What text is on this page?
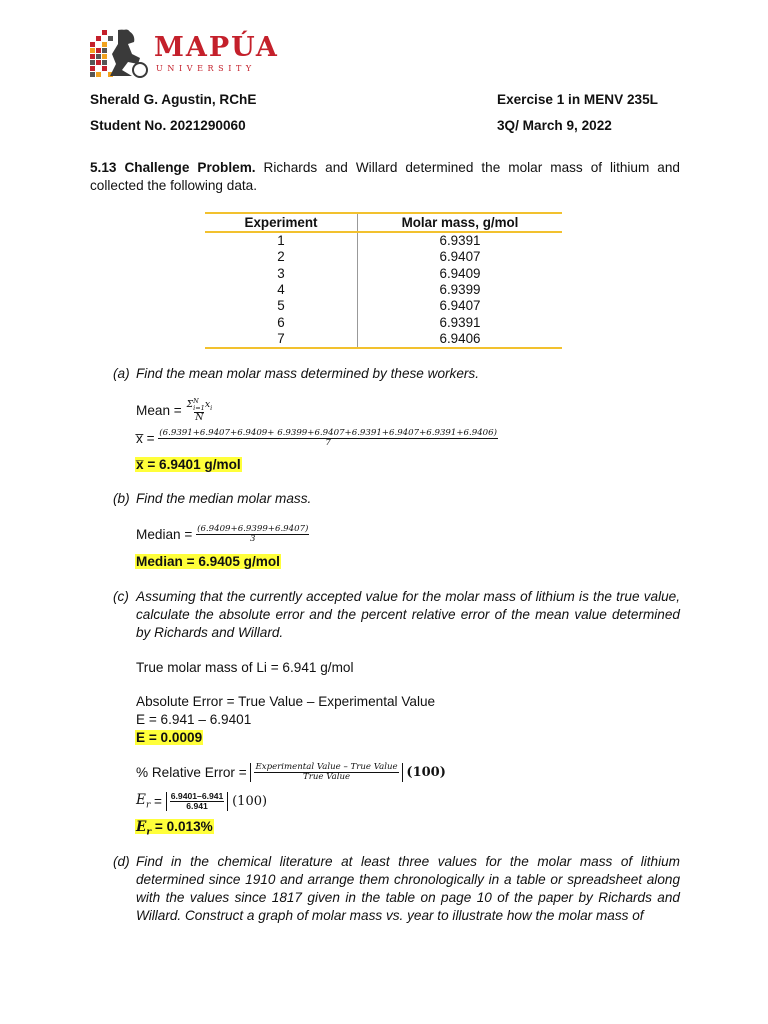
MAPÚA
UNIVERSITY
Sherald G. Agustin, RChE
Student No. 2021290060
Exercise 1 in MENV 235L
3Q/ March 9, 2022
5.13 Challenge Problem. Richards and Willard determined the molar mass of lithium and collected the following data.
Experiment	Molar mass, g/mol
1	6.9391
2	6.9407
3	6.9409
4	6.9399
5	6.9407
6	6.9391
7	6.9406
(a) Find the mean molar mass determined by these workers.
Mean = Σ N
i=1 $x_i$
N
x̅ = (6.9391+6.9407+6.9409+ 6.9399+6.9407+6.9391+6.9407+6.9391+6.9406)
7
x̅ = 6.9401 g/mol
(b) Find the median molar mass.
Median = $\frac{(6.9409+6.9399+6.9407)}{3}$
Median = 6.9405 g/mol
(c) Assuming that the currently accepted value for the molar mass of lithium is the true value, calculate the absolute error and the percent relative error of the mean value determined by Richards and Willard.
True molar mass of Li = 6.941 g/mol
Absolute Error = True Value – Experimental Value
E = 6.941 – 6.9401
E = 0.0009
% Relative Error = $\frac{\text{Experimental Value – True Value}}{\text{True Value}} (100)$
$E_r = \frac{6.9401-6.941}{6.941} (100)$
$E_r = 0.013\%$
(d) Find in the chemical literature at least three values for the molar mass of lithium determined since 1910 and arrange them chronologically in a table or spreadsheet along with the values since 1817 given in the table on page 10 of the paper by Richards and Willard. Construct a graph of molar mass vs. year to illustrate how the molar mass of
